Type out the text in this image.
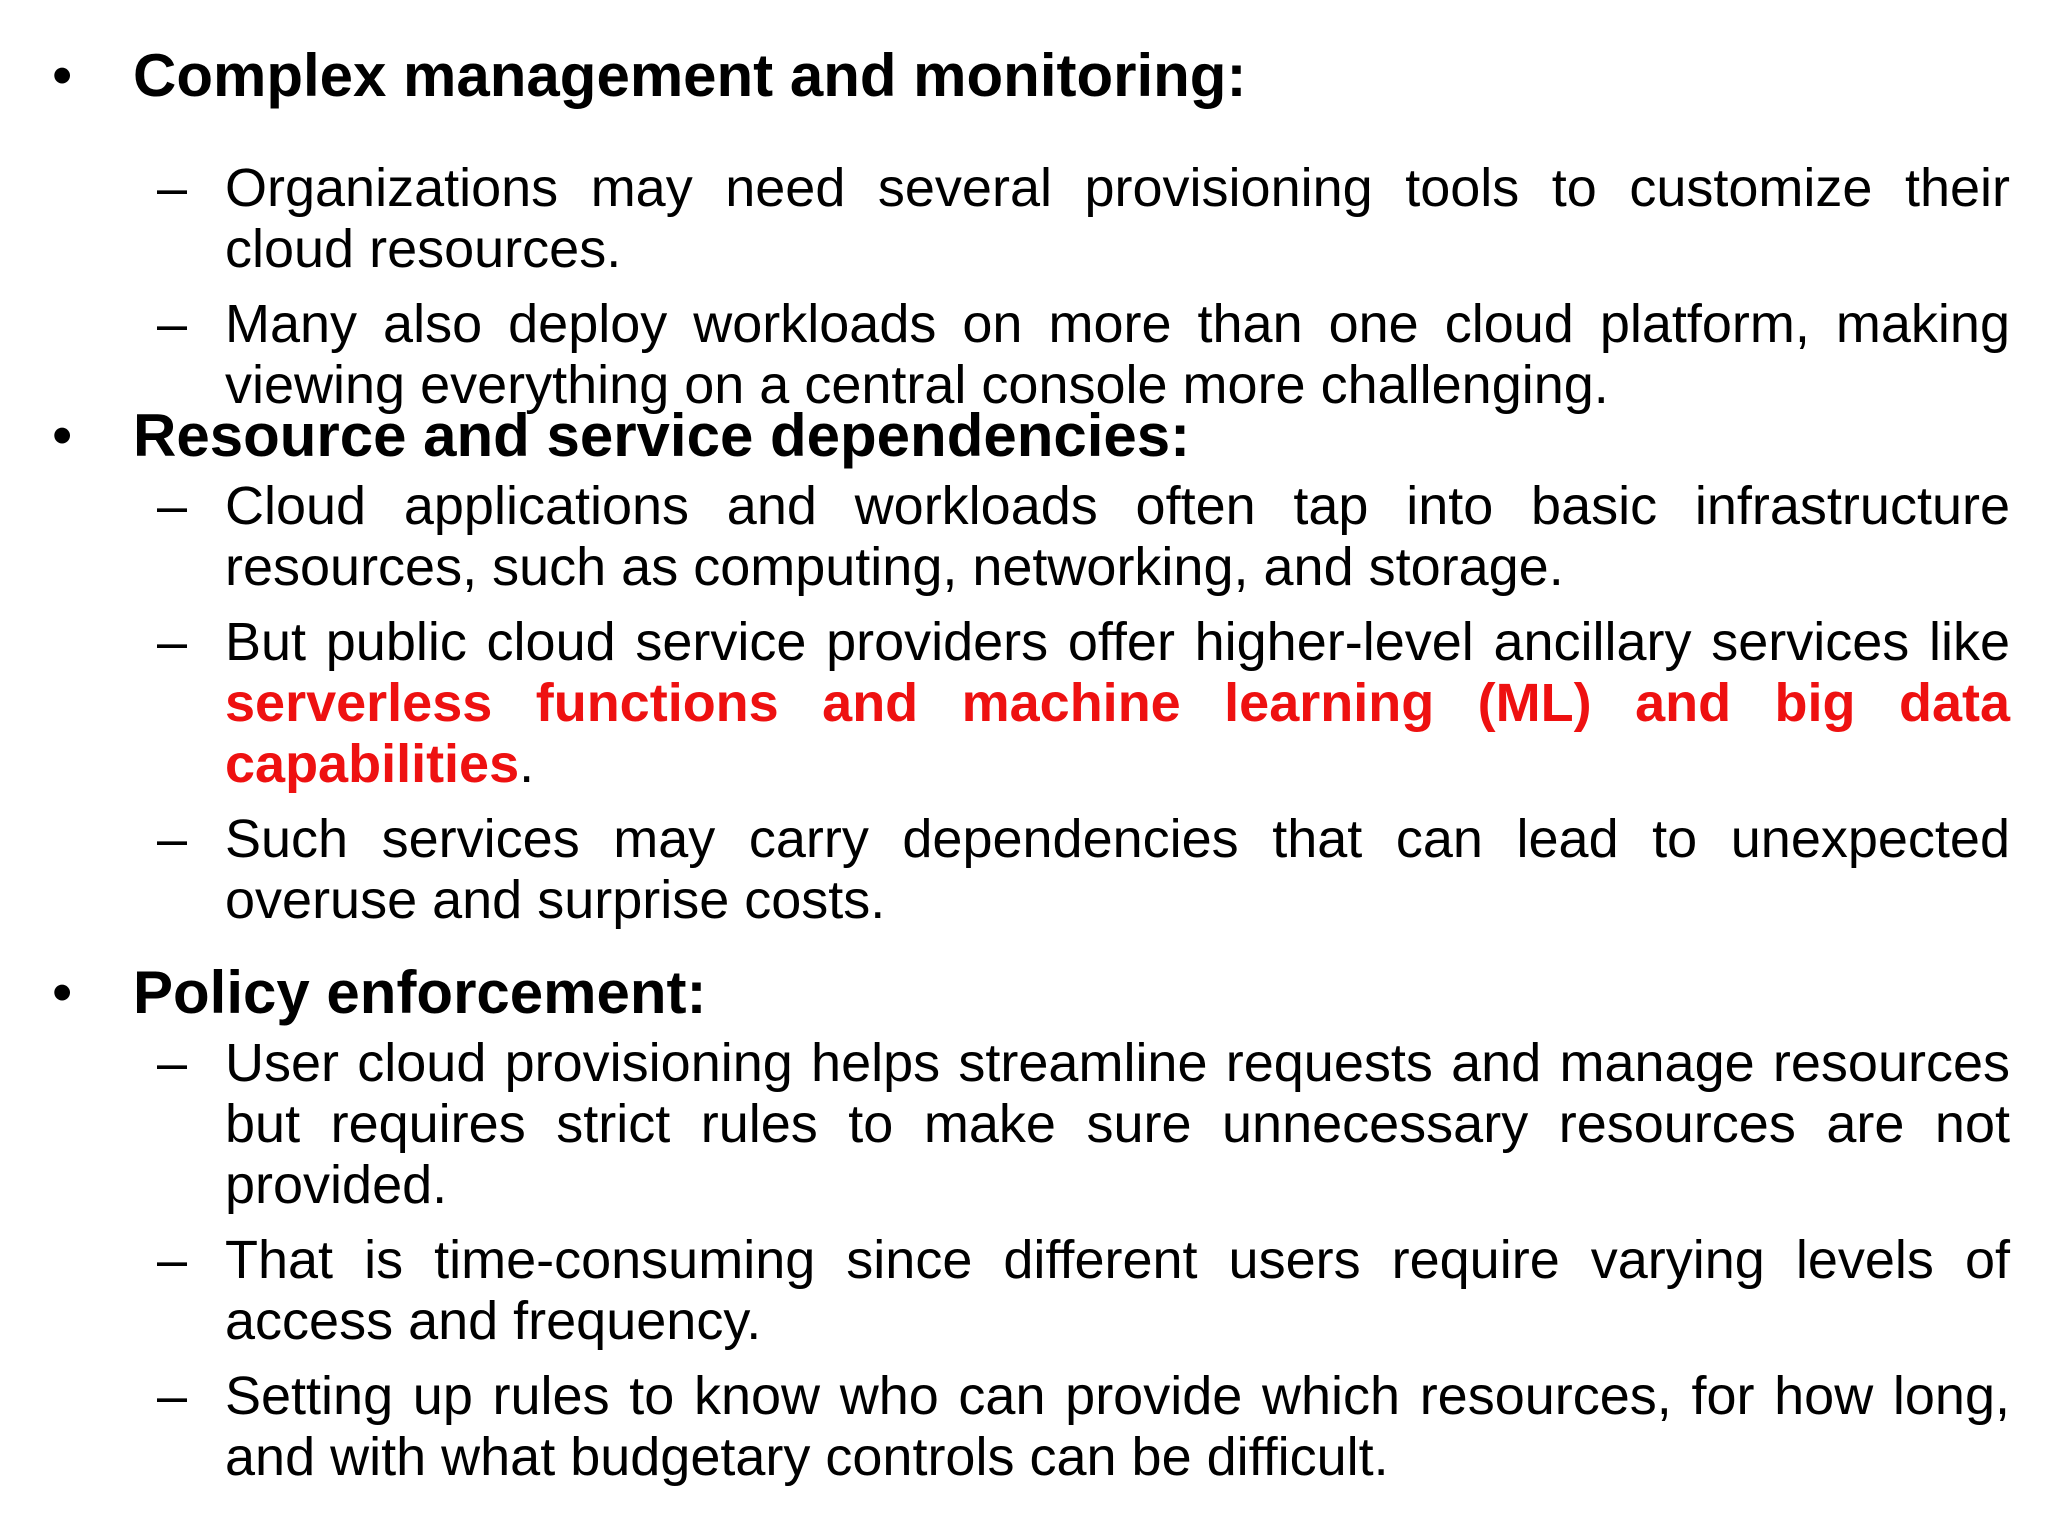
• Complex management and monitoring:
– Organizations may need several provisioning tools to customize their cloud resources.
– Many also deploy workloads on more than one cloud platform, making viewing everything on a central console more challenging.
• Resource and service dependencies:
– Cloud applications and workloads often tap into basic infrastructure resources, such as computing, networking, and storage.
– But public cloud service providers offer higher-level ancillary services like serverless functions and machine learning (ML) and big data capabilities.
– Such services may carry dependencies that can lead to unexpected overuse and surprise costs.
• Policy enforcement:
– User cloud provisioning helps streamline requests and manage resources but requires strict rules to make sure unnecessary resources are not provided.
– That is time-consuming since different users require varying levels of access and frequency.
– Setting up rules to know who can provide which resources, for how long, and with what budgetary controls can be difficult.
